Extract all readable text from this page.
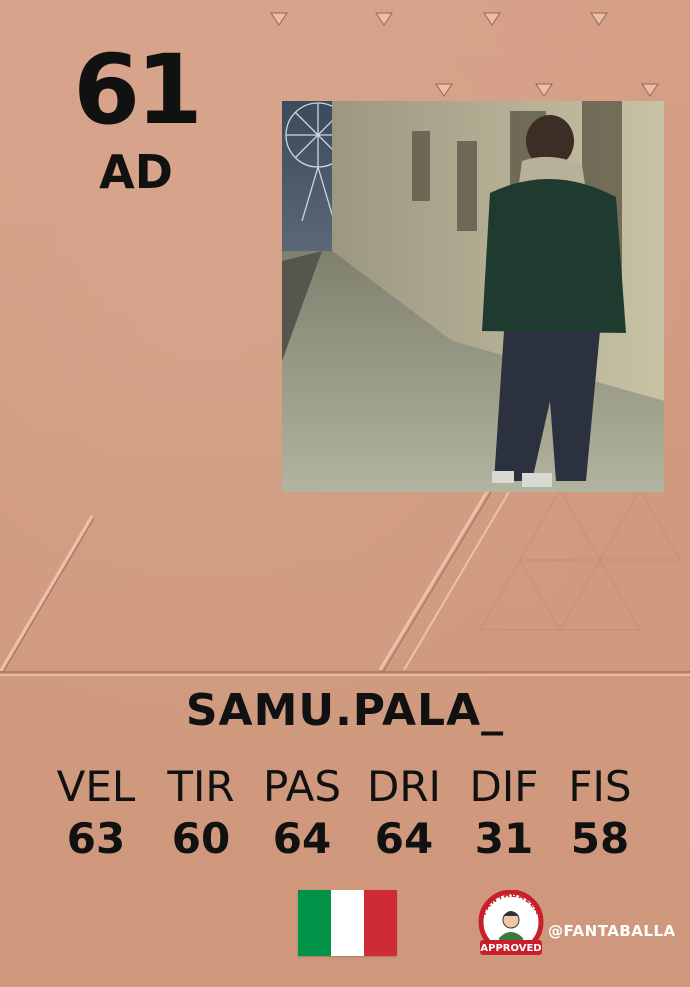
61
AD
SAMU.PALA_
VEL
63
TIR
60
PAS
64
DRI
64
DIF
31
FIS
58
FANTABALLA
APPROVED
@FANTABALLA
